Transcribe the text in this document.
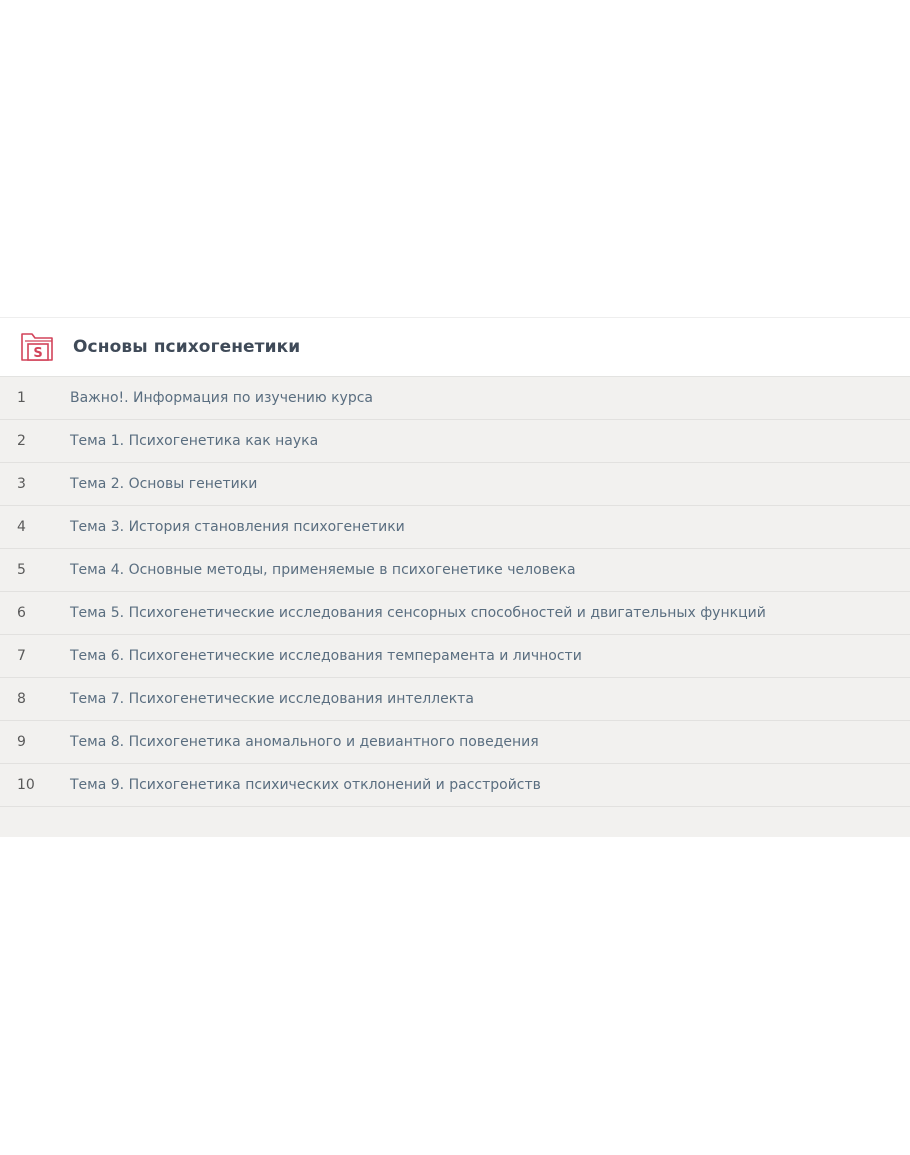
S Основы психогенетики
1	Важно!. Информация по изучению курса
2	Тема 1. Психогенетика как наука
3	Тема 2. Основы генетики
4	Тема 3. История становления психогенетики
5	Тема 4. Основные методы, применяемые в психогенетике человека
6	Тема 5. Психогенетические исследования сенсорных способностей и двигательных функций
7	Тема 6. Психогенетические исследования темперамента и личности
8	Тема 7. Психогенетические исследования интеллекта
9	Тема 8. Психогенетика аномального и девиантного поведения
10	Тема 9. Психогенетика психических отклонений и расстройств
